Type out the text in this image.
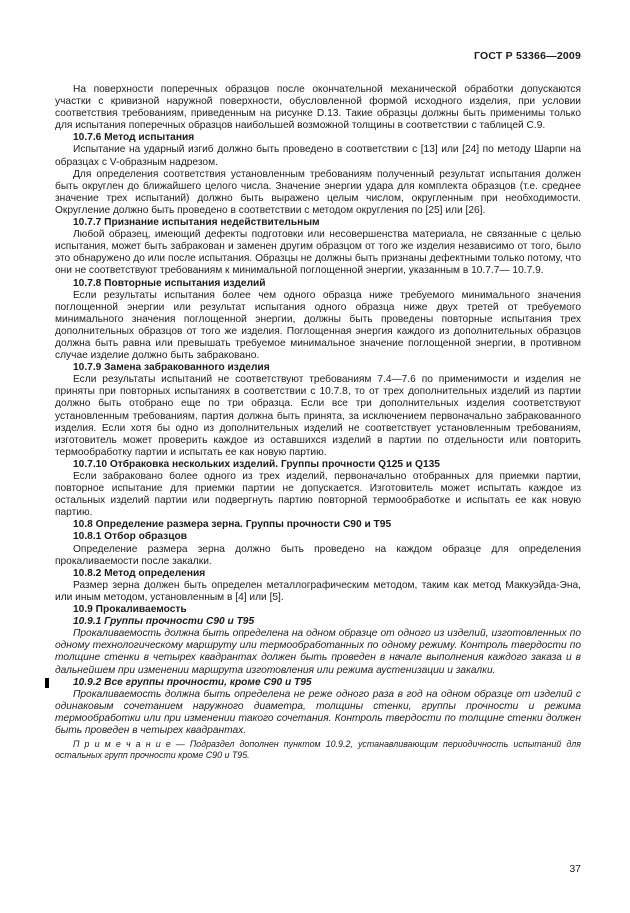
ГОСТ Р 53366—2009

На поверхности поперечных образцов после окончательной механической обработки допускаются участки с кривизной наружной поверхности, обусловленной формой исходного изделия, при условии соответствия требованиям, приведенным на рисунке D.13. Такие образцы должны быть применимы только для испытания поперечных образцов наибольшей возможной толщины в соответствии с таблицей С.9.

10.7.6 Метод испытания

Испытание на ударный изгиб должно быть проведено в соответствии с [13] или [24] по методу Шарпи на образцах с V-образным надрезом.

Для определения соответствия установленным требованиям полученный результат испытания должен быть округлен до ближайшего целого числа. Значение энергии удара для комплекта образцов (т.е. среднее значение трех испытаний) должно быть выражено целым числом, округленным при необходимости. Округление должно быть проведено в соответствии с методом округления по [25] или [26].

10.7.7 Признание испытания недействительным

Любой образец, имеющий дефекты подготовки или несовершенства материала, не связанные с целью испытания, может быть забракован и заменен другим образцом от того же изделия независимо от того, было это обнаружено до или после испытания. Образцы не должны быть признаны дефектными только потому, что они не соответствуют требованиям к минимальной поглощенной энергии, указанным в 10.7.7— 10.7.9.

10.7.8 Повторные испытания изделий

Если результаты испытания более чем одного образца ниже требуемого минимального значения поглощенной энергии или результат испытания одного образца ниже двух третей от требуемого минимального значения поглощенной энергии, должны быть проведены повторные испытания трех дополнительных образцов от того же изделия. Поглощенная энергия каждого из дополнительных образцов должна быть равна или превышать требуемое минимальное значение поглощенной энергии, в противном случае изделие должно быть забраковано.

10.7.9 Замена забракованного изделия

Если результаты испытаний не соответствуют требованиям 7.4—7.6 по применимости и изделия не приняты при повторных испытаниях в соответствии с 10.7.8, то от трех дополнительных изделий из партии должно быть отобрано еще по три образца. Если все три дополнительных изделия соответствуют установленным требованиям, партия должна быть принята, за исключением первоначально забракованного изделия. Если хотя бы одно из дополнительных изделий не соответствует установленным требованиям, изготовитель может проверить каждое из оставшихся изделий в партии по отдельности или повторить термообработку партии и испытать ее как новую партию.

10.7.10 Отбраковка нескольких изделий. Группы прочности Q125 и Q135

Если забраковано более одного из трех изделий, первоначально отобранных для приемки партии, повторное испытание для приемки партии не допускается. Изготовитель может испытать каждое из остальных изделий партии или подвергнуть партию повторной термообработке и испытать ее как новую партию.

10.8 Определение размера зерна. Группы прочности С90 и Т95

10.8.1 Отбор образцов

Определение размера зерна должно быть проведено на каждом образце для определения прокаливаемости после закалки.

10.8.2 Метод определения

Размер зерна должен быть определен металлографическим методом, таким как метод Маккуэйда-Эна, или иным методом, установленным в [4] или [5].

10.9 Прокаливаемость

10.9.1 Группы прочности С90 и Т95

Прокаливаемость должна быть определена на одном образце от одного из изделий, изготовленных по одному технологическому маршруту или термообработанных по одному режиму. Контроль твердости по толщине стенки в четырех квадрантах должен быть проведен в начале выполнения каждого заказа и в дальнейшем при изменении маршрута изготовления или режима аустенизации и закалки.

10.9.2 Все группы прочности, кроме С90 и Т95

Прокаливаемость должна быть определена не реже одного раза в год на одном образце от изделий с одинаковым сочетанием наружного диаметра, толщины стенки, группы прочности и режима термообработки или при изменении такого сочетания. Контроль твердости по толщине стенки должен быть проведен в четырех квадрантах.

П р и м е ч а н и е — Подраздел дополнен пунктом 10.9.2, устанавливающим периодичность испытаний для остальных групп прочности кроме С90 и Т95.

37
